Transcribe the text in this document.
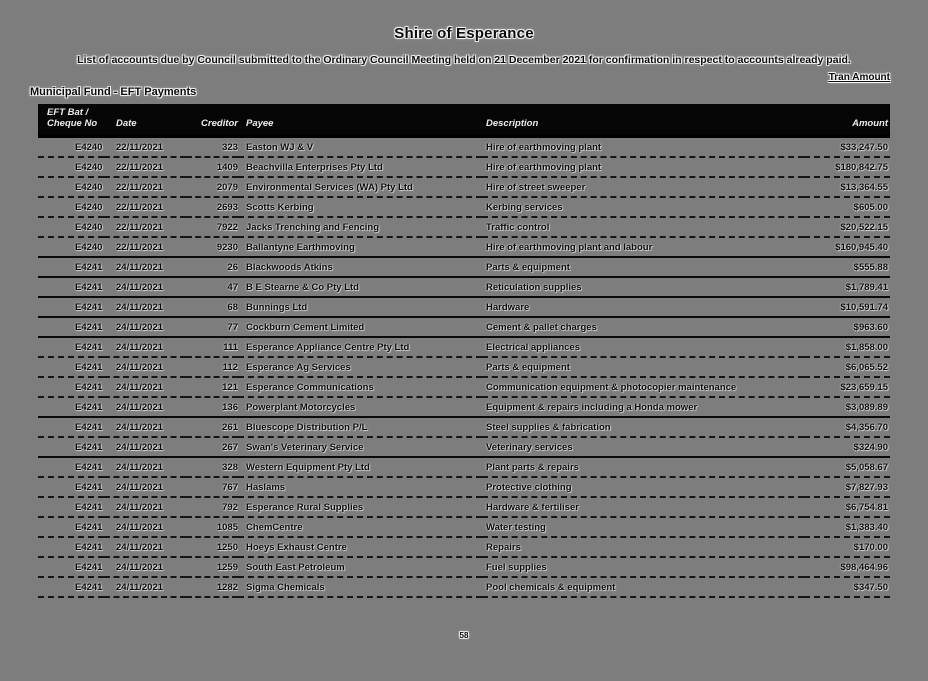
Shire of Esperance
List of accounts due by Council submitted to the Ordinary Council Meeting held on 21 December 2021 for confirmation in respect to accounts already paid.
Tran Amount
Municipal Fund - EFT Payments
EFT Bat /
Cheque No	Date	Creditor	Payee	Description	Amount
E4240	22/11/2021	323	Easton WJ & V	Hire of earthmoving plant	$33,247.50
E4240	22/11/2021	1409	Beachvilla Enterprises Pty Ltd	Hire of earthmoving plant	$180,842.75
E4240	22/11/2021	2079	Environmental Services (WA) Pty Ltd	Hire of street sweeper	$13,364.55
E4240	22/11/2021	2693	Scotts Kerbing	Kerbing services	$605.00
E4240	22/11/2021	7922	Jacks Trenching and Fencing	Traffic control	$20,522.15
E4240	22/11/2021	9230	Ballantyne Earthmoving	Hire of earthmoving plant and labour	$160,945.40
E4241	24/11/2021	26	Blackwoods Atkins	Parts & equipment	$555.88
E4241	24/11/2021	47	B E Stearne & Co Pty Ltd	Reticulation supplies	$1,789.41
E4241	24/11/2021	68	Bunnings Ltd	Hardware	$10,591.74
E4241	24/11/2021	77	Cockburn Cement Limited	Cement & pallet charges	$963.60
E4241	24/11/2021	111	Esperance Appliance Centre Pty Ltd	Electrical appliances	$1,858.00
E4241	24/11/2021	112	Esperance Ag Services	Parts & equipment	$6,065.52
E4241	24/11/2021	121	Esperance Communications	Communication equipment & photocopier maintenance	$23,659.15
E4241	24/11/2021	136	Powerplant Motorcycles	Equipment & repairs including a Honda mower	$3,089.89
E4241	24/11/2021	261	Bluescope Distribution P/L	Steel supplies & fabrication	$4,356.70
E4241	24/11/2021	267	Swan's Veterinary Service	Veterinary services	$324.90
E4241	24/11/2021	328	Western Equipment Pty Ltd	Plant parts & repairs	$5,058.67
E4241	24/11/2021	767	Haslams	Protective clothing	$7,827.93
E4241	24/11/2021	792	Esperance Rural Supplies	Hardware & fertiliser	$6,754.81
E4241	24/11/2021	1085	ChemCentre	Water testing	$1,383.40
E4241	24/11/2021	1250	Hoeys Exhaust Centre	Repairs	$170.00
E4241	24/11/2021	1259	South East Petroleum	Fuel supplies	$98,464.96
E4241	24/11/2021	1282	Sigma Chemicals	Pool chemicals & equipment	$347.50
58
